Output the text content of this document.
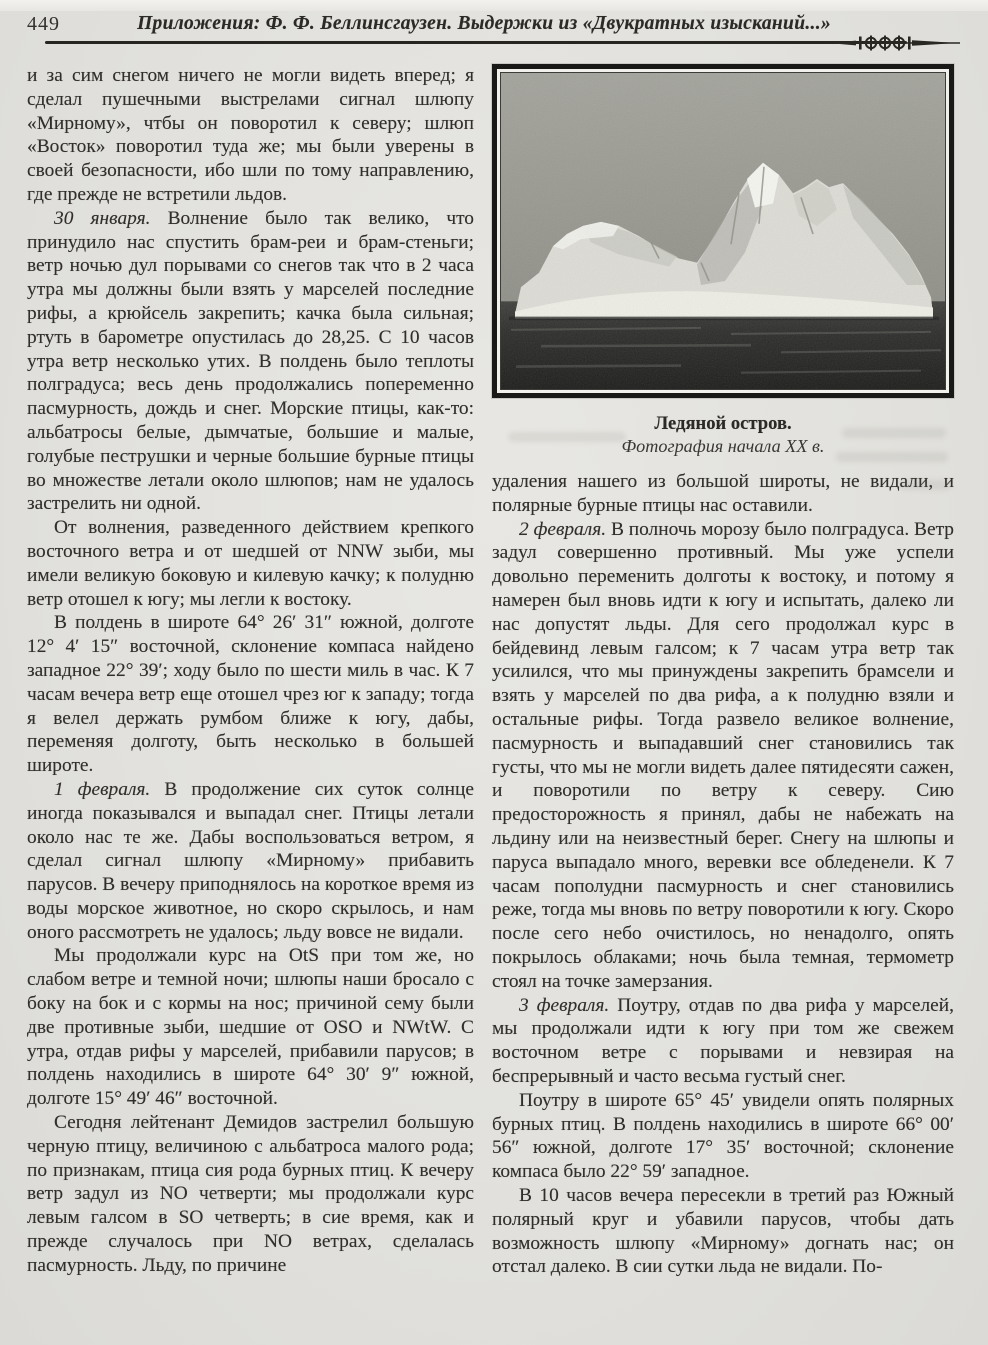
449	Приложения: Ф. Ф. Беллинсгаузен. Выдержки из «Двукратных изысканий...»

и за сим снегом ничего не могли видеть вперед; я сделал пушечными выстрелами сигнал шлюпу «Мирному», чтбы он поворотил к северу; шлюп «Восток» поворотил туда же; мы были уверены в своей безопасности, ибо шли по тому направлению, где прежде не встретили льдов.

30 января. Волнение было так велико, что принудило нас спустить брам-реи и брам-стеньги; ветр ночью дул порывами со снегов так что в 2 часа утра мы должны были взять у марселей последние рифы, а крюйсель закрепить; качка была сильная; ртуть в барометре опустилась до 28,25. С 10 часов утра ветр несколько утих. В полдень было теплоты полградуса; весь день продолжались попеременно пасмурность, дождь и снег. Морские птицы, как-то: альбатросы белые, дымчатые, большие и малые, голубые пеструшки и черные большие бурные птицы во множестве летали около шлюпов; нам не удалось застрелить ни одной.

От волнения, разведенного действием крепкого восточного ветра и от шедшей от NNW зыби, мы имели великую боковую и килевую качку; к полудню ветр отошел к югу; мы легли к востоку.

В полдень в широте 64° 26′ 31″ южной, долготе 12° 4′ 15″ восточной, склонение компаса найдено западное 22° 39′; ходу было по шести миль в час. К 7 часам вечера ветр еще отошел чрез юг к западу; тогда я велел держать румбом ближе к югу, дабы, переменяя долготу, быть несколько в большей широте.

1 февраля. В продолжение сих суток солнце иногда показывался и выпадал снег. Птицы летали около нас те же. Дабы воспользоваться ветром, я сделал сигнал шлюпу «Мирному» прибавить парусов. В вечеру приподнялось на короткое время из воды морское животное, но скоро скрылось, и нам оного рассмотреть не удалось; льду вовсе не видали.

Мы продолжали курс на OtS при том же, но слабом ветре и темной ночи; шлюпы наши бросало с боку на бок и с кормы на нос; причиной сему были две противные зыби, шедшие от OSO и NWtW. С утра, отдав рифы у марселей, прибавили парусов; в полдень находились в широте 64° 30′ 9″ южной, долготе 15° 49′ 46″ восточной.

Сегодня лейтенант Демидов застрелил большую черную птицу, величиною с альбатроса малого рода; по признакам, птица сия рода бурных птиц. К вечеру ветр задул из NO четверти; мы продолжали курс левым галсом в SO четверть; в сие время, как и прежде случалось при NO ветрах, сделалась пасмурность. Льду, по причине

Ледяной остров.
Фотография начала XX в.

удаления нашего из большой широты, не видали, и полярные бурные птицы нас оставили.

2 февраля. В полночь морозу было полградуса. Ветр задул совершенно противный. Мы уже успели довольно переменить долготы к востоку, и потому я намерен был вновь идти к югу и испытать, далеко ли нас допустят льды. Для сего продолжал курс в бейдевинд левым галсом; к 7 часам утра ветр так усилился, что мы принуждены закрепить брамсели и взять у марселей по два рифа, а к полудню взяли и остальные рифы. Тогда развело великое волнение, пасмурность и выпадавший снег становились так густы, что мы не могли видеть далее пятидесяти сажен, и поворотили по ветру к северу. Сию предосторожность я принял, дабы не набежать на льдину или на неизвестный берег. Снегу на шлюпы и паруса выпадало много, веревки все обледенели. К 7 часам пополудни пасмурность и снег становились реже, тогда мы вновь по ветру поворотили к югу. Скоро после сего небо очистилось, но ненадолго, опять покрылось облаками; ночь была темная, термометр стоял на точке замерзания.

3 февраля. Поутру, отдав по два рифа у марселей, мы продолжали идти к югу при том же свежем восточном ветре с порывами и невзирая на беспрерывный и часто весьма густый снег.

Поутру в широте 65° 45′ увидели опять полярных бурных птиц. В полдень находились в широте 66° 00′ 56″ южной, долготе 17° 35′ восточной; склонение компаса было 22° 59′ западное.

В 10 часов вечера пересекли в третий раз Южный полярный круг и убавили парусов, чтобы дать возможность шлюпу «Мирному» догнать нас; он отстал далеко. В сии сутки льда не видали. По-
